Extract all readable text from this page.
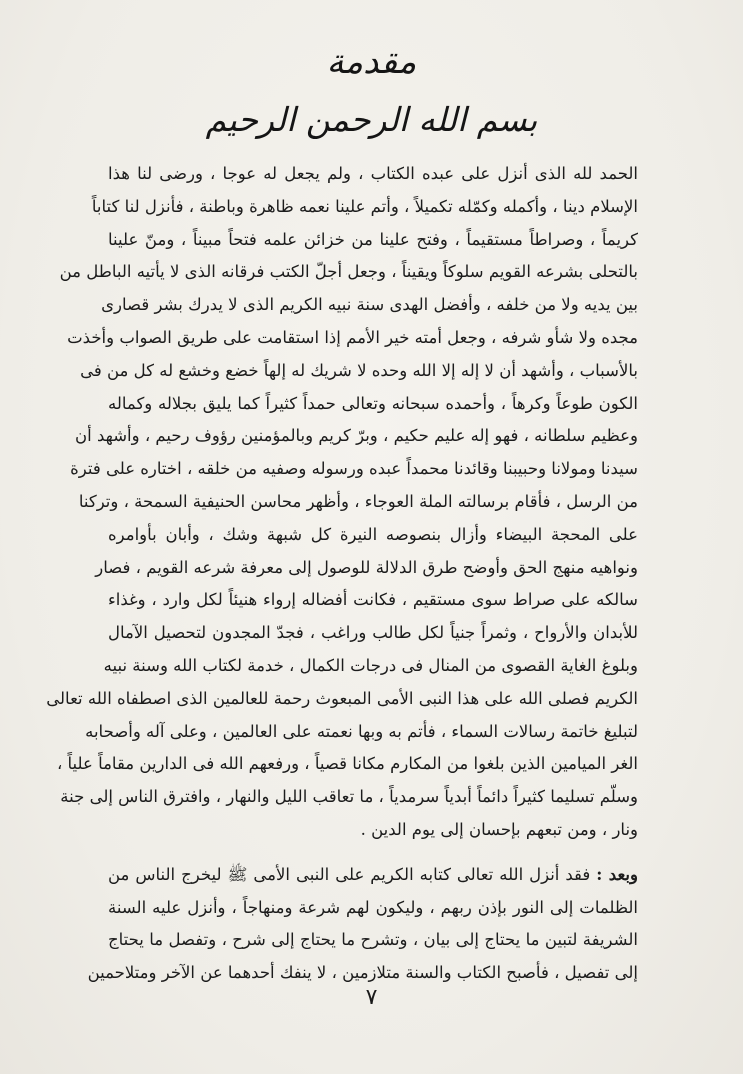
مقدمة
بسم الله الرحمن الرحيم
الحمد لله الذى أنزل على عبده الكتاب ، ولم يجعل له عوجا ، ورضى لنا هذا
الإسلام دينا ، وأكمله وكمّله تكميلاً ، وأتم علينا نعمه ظاهرة وباطنة ، فأنزل لنا كتاباً
كريماً ، وصراطاً مستقيماً ، وفتح علينا من خزائن علمه فتحاً مبيناً ، ومنّ علينا
بالتحلى بشرعه القويم سلوكاً ويقيناً ، وجعل أجلّ الكتب فرقانه الذى لا يأتيه الباطل من
بين يديه ولا من خلفه ، وأفضل الهدى سنة نبيه الكريم الذى لا يدرك بشر قصارى
مجده ولا شأو شرفه ، وجعل أمته خير الأمم إذا استقامت على طريق الصواب وأخذت
بالأسباب ، وأشهد أن لا إله إلا الله وحده لا شريك له إلهاً خضع وخشع له كل من فى
الكون طوعاً وكرهاً ، وأحمده سبحانه وتعالى حمداً كثيراً كما يليق بجلاله وكماله
وعظيم سلطانه ، فهو إله عليم حكيم ، وبرّ كريم وبالمؤمنين رؤوف رحيم ، وأشهد أن
سيدنا ومولانا وحبيبنا وقائدنا محمداً عبده ورسوله وصفيه من خلقه ، اختاره على فترة
من الرسل ، فأقام برسالته الملة العوجاء ، وأظهر محاسن الحنيفية السمحة ، وتركنا
على المحجة البيضاء وأزال بنصوصه النيرة كل شبهة وشك ، وأبان بأوامره
ونواهيه منهج الحق وأوضح طرق الدلالة للوصول إلى معرفة شرعه القويم ، فصار
سالكه على صراط سوى مستقيم ، فكانت أفضاله إرواء هنيئاً لكل وارد ، وغذاء
للأبدان والأرواح ، وثمراً جنياً لكل طالب وراغب ، فجدّ المجدون لتحصيل الآمال
وبلوغ الغاية القصوى من المنال فى درجات الكمال ، خدمة لكتاب الله وسنة نبيه
الكريم فصلى الله على هذا النبى الأمى المبعوث رحمة للعالمين الذى اصطفاه الله تعالى
لتبليغ خاتمة رسالات السماء ، فأتم به وبها نعمته على العالمين ، وعلى آله وأصحابه
الغر الميامين الذين بلغوا من المكارم مكانا قصياً ، ورفعهم الله فى الدارين مقاماً علياً ،
وسلّم تسليما كثيراً دائماً أبدياً سرمدياً ، ما تعاقب الليل والنهار ، وافترق الناس إلى جنة
ونار ، ومن تبعهم بإحسان إلى يوم الدين .
وبعد : فقد أنزل الله تعالى كتابه الكريم على النبى الأمى ﷺ ليخرج الناس من
الظلمات إلى النور بإذن ربهم ، وليكون لهم شرعة ومنهاجاً ، وأنزل عليه السنة
الشريفة لتبين ما يحتاج إلى بيان ، وتشرح ما يحتاج إلى شرح ، وتفصل ما يحتاج
إلى تفصيل ، فأصبح الكتاب والسنة متلازمين ، لا ينفك أحدهما عن الآخر ومتلاحمين
٧
